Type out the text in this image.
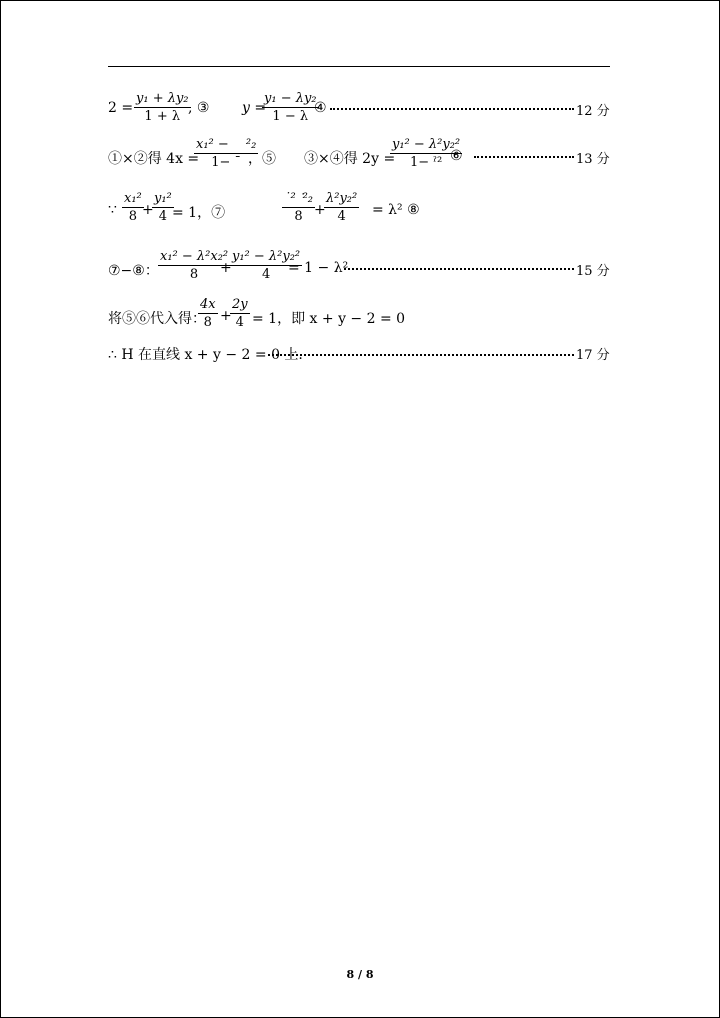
$2 = \frac{\text{y₁ + λy₂}}{1 + \lambda}$
, ③ y =
$\frac{\text{y₁ − λy₂}}{1 - \lambda}$
④	12 分
①×②得 4x =
x₁² −  ²₂
1− ˉ ，⑤ ③×④得 2y =
y₁² − λ²y₂²
1− ˀ² ⑥	13 分
∵ $\frac{\text{x₁²}}{8}$
+
$\frac{\text{y₁²}}{4}$
= 1，⑦
˙² ་²₂
8 +
$\frac{\text{λ²y₂²}}{4} = \lambda^2$ ⑧
⑦−⑧： $\frac{\text{x₁² − λ²x₂²}}{8}$
+
$\frac{\text{y₁² − λ²y₂²}}{4}$
= 1 − λ²	15 分
将⑤⑥代入得：
$\frac{4x}{8}$ +
$\frac{2y}{4} = 1$，即 x + y − 2 = 0
∴ H 在直线 x + y − 2 = 0 上.	17 分
8 / 8
